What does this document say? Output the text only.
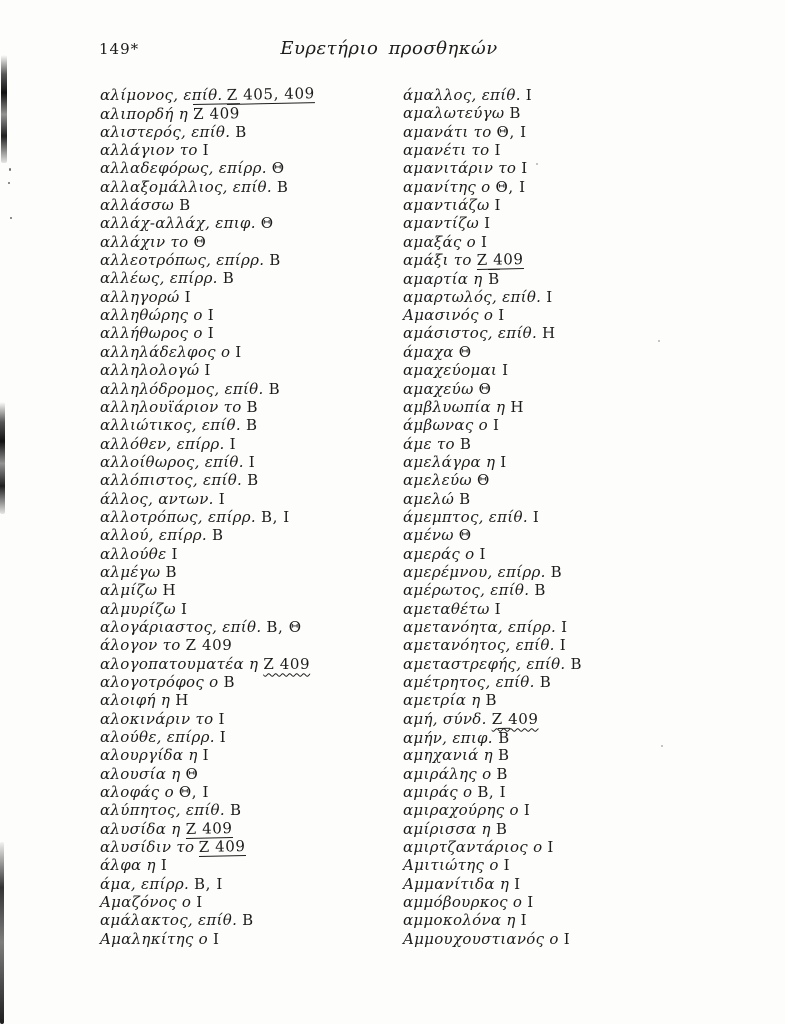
149*	Ευρετήριο προσθηκών
αλίμονος, επίθ. Ζ 405, 409
αλιπορδή η Ζ 409
αλιστερός, επίθ. Β
αλλάγιον το Ι
αλλαδεφόρως, επίρρ. Θ
αλλαξομάλλιος, επίθ. Β
αλλάσσω Β
αλλάχ-αλλάχ, επιφ. Θ
αλλάχιν το Θ
αλλεοτρόπως, επίρρ. Β
αλλέως, επίρρ. Β
αλληγορώ Ι
αλληθώρης ο Ι
αλλήθωρος ο Ι
αλληλάδελφος ο Ι
αλληλολογώ Ι
αλληλόδρομος, επίθ. Β
αλληλουϊάριον το Β
αλλιώτικος, επίθ. Β
αλλόθεν, επίρρ. Ι
αλλοίθωρος, επίθ. Ι
αλλόπιστος, επίθ. Β
άλλος, αντων. Ι
αλλοτρόπως, επίρρ. Β, Ι
αλλού, επίρρ. Β
αλλούθε Ι
αλμέγω Β
αλμίζω Η
αλμυρίζω Ι
αλογάριαστος, επίθ. Β, Θ
άλογον το Ζ 409
αλογοπατουματέα η Ζ 409
αλογοτρόφος ο Β
αλοιφή η Η
αλοκινάριν το Ι
αλούθε, επίρρ. Ι
αλουργίδα η Ι
αλουσία η Θ
αλοφάς ο Θ, Ι
αλύπητος, επίθ. Β
αλυσίδα η Ζ 409
αλυσίδιν το Ζ 409
άλφα η Ι
άμα, επίρρ. Β, Ι
Αμαζόνος ο Ι
αμάλακτος, επίθ. Β
Αμαληκίτης ο Ι
άμαλλος, επίθ. Ι
αμαλωτεύγω Β
αμανάτι το Θ, Ι
αμανέτι το Ι
αμανιτάριν το Ι
αμανίτης ο Θ, Ι
αμαντιάζω Ι
αμαντίζω Ι
αμαξάς ο Ι
αμάξι το Ζ 409
αμαρτία η Β
αμαρτωλός, επίθ. Ι
Αμασινός ο Ι
αμάσιστος, επίθ. Η
άμαχα Θ
αμαχεύομαι Ι
αμαχεύω Θ
αμβλυωπία η Η
άμβωνας ο Ι
άμε το Β
αμελάγρα η Ι
αμελεύω Θ
αμελώ Β
άμεμπτος, επίθ. Ι
αμένω Θ
αμεράς ο Ι
αμερέμνου, επίρρ. Β
αμέρωτος, επίθ. Β
αμεταθέτω Ι
αμετανόητα, επίρρ. Ι
αμετανόητος, επίθ. Ι
αμεταστρεφής, επίθ. Β
αμέτρητος, επίθ. Β
αμετρία η Β
αμή, σύνδ. Ζ 409
αμήν, επιφ. Β
αμηχανιά η Β
αμιράλης ο Β
αμιράς ο Β, Ι
αμιραχούρης ο Ι
αμίρισσα η Β
αμιρτζαντάριος ο Ι
Αμιτιώτης ο Ι
Αμμανίτιδα η Ι
αμμόβουρκος ο Ι
αμμοκολόνα η Ι
Αμμουχουστιανός ο Ι
